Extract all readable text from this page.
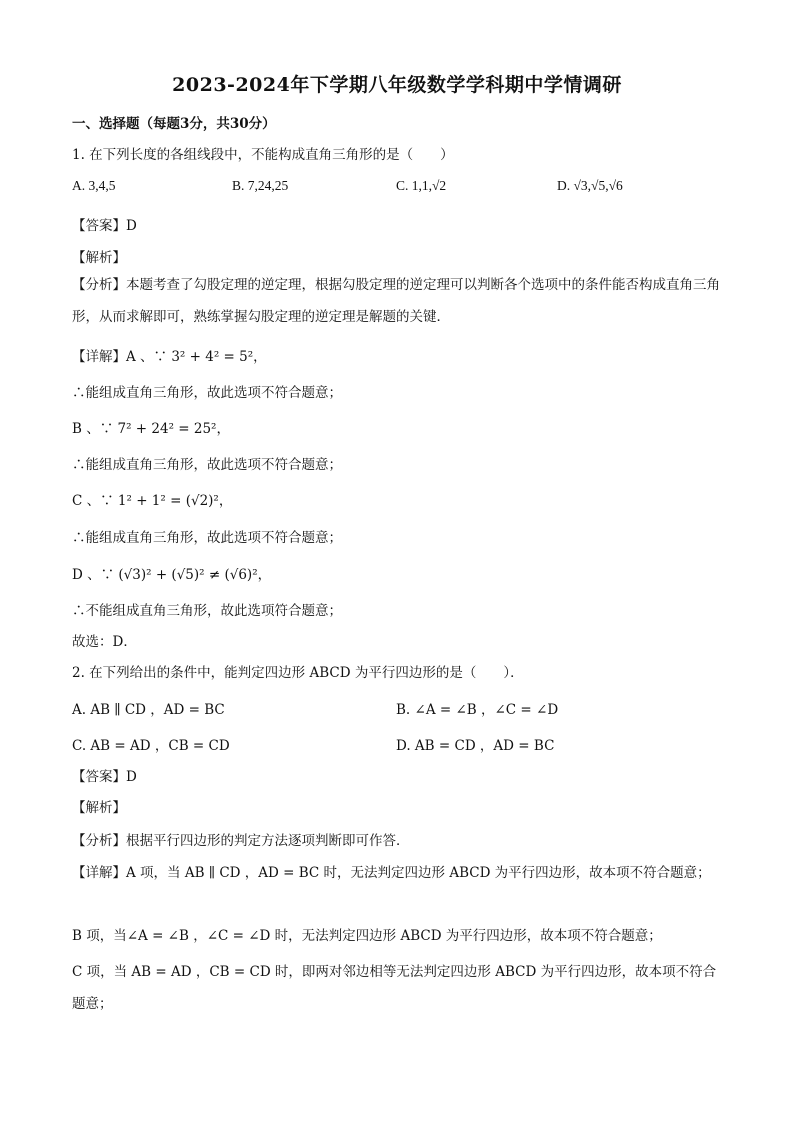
2023-2024年下学期八年级数学学科期中学情调研
一、选择题（每题3分，共30分）
1. 在下列长度的各组线段中，不能构成直角三角形的是（　　）
A. 3,4,5	B. 7,24,25	C. 1,1,√2	D. √3,√5,√6
【答案】D
【解析】
【分析】本题考查了勾股定理的逆定理，根据勾股定理的逆定理可以判断各个选项中的条件能否构成直角三角形，从而求解即可，熟练掌握勾股定理的逆定理是解题的关键．
【详解】A 、∵ 3² + 4² = 5²，
∴能组成直角三角形，故此选项不符合题意；
B 、∵ 7² + 24² = 25²，
∴能组成直角三角形，故此选项不符合题意；
C 、∵ 1² + 1² = (√2)²，
∴能组成直角三角形，故此选项不符合题意；
D 、∵ (√3)² + (√5)² ≠ (√6)²，
∴不能组成直角三角形，故此选项符合题意；
故选：D．
2. 在下列给出的条件中，能判定四边形 ABCD 为平行四边形的是（　　）．
A. AB ∥ CD ，AD = BC	B. ∠A = ∠B ，∠C = ∠D
C. AB = AD ，CB = CD	D. AB = CD ，AD = BC
【答案】D
【解析】
【分析】根据平行四边形的判定方法逐项判断即可作答．
【详解】A 项，当 AB ∥ CD ，AD = BC 时，无法判定四边形 ABCD 为平行四边形，故本项不符合题意；
B 项，当∠A = ∠B ，∠C = ∠D 时，无法判定四边形 ABCD 为平行四边形，故本项不符合题意；
C 项，当 AB = AD ，CB = CD 时，即两对邻边相等无法判定四边形 ABCD 为平行四边形，故本项不符合题意；
